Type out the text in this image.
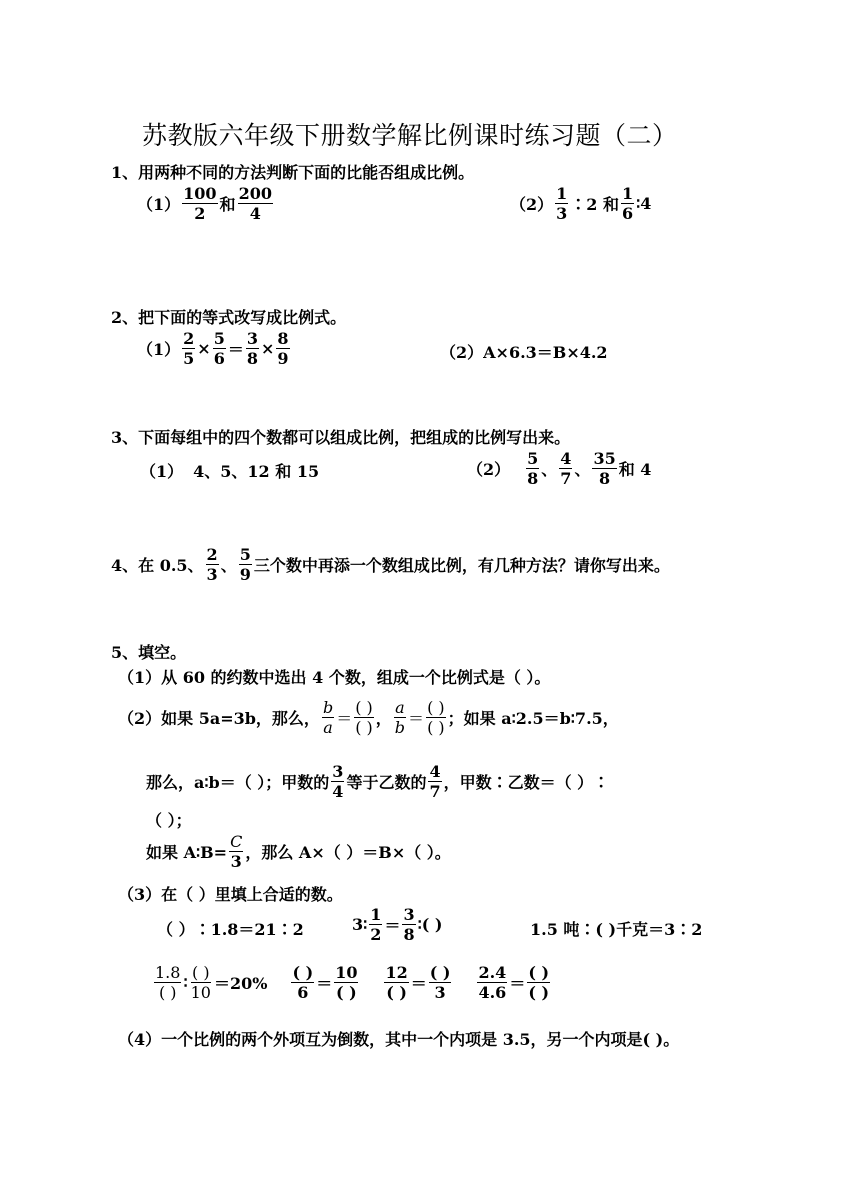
苏教版六年级下册数学解比例课时练习题（二）
1、用两种不同的方法判断下面的比能否组成比例。
$(1) \frac{100}{2}$ 和 $\frac{200}{4}$	$(2) \frac{1}{3}$ ∶2 和 $\frac{1}{6}$ ∶4
2、把下面的等式改写成比例式。
$(1) \frac{2}{5} \times \frac{5}{6} = \frac{3}{8} \times \frac{8}{9}$	（2） A×6.3＝B×4.2
3、下面每组中的四个数都可以组成比例，把组成的比例写出来。
（1） 4、5、12 和 15	$(2) \frac{5}{8}$ 、 $\frac{4}{7}$ 、 $\frac{35}{8}$ 和 4
4、在 0.5、 $\frac{2}{3}$ 、 $\frac{5}{9}$ 三个数中再添一个数组成比例，有几种方法？请你写出来。
5、填空。
（1）从 60 的约数中选出 4 个数，组成一个比例式是（ ）。
（2）如果 5a=3b，那么， $\frac{b}{a} = \frac{( )}{( )}$ ， $\frac{a}{b} = \frac{( )}{( )}$ ；如果 a∶2.5＝b∶7.5，
那么，a∶b＝（ ）；甲数的 $\frac{3}{4}$ 等于乙数的 $\frac{4}{7}$ ，甲数∶乙数＝（ ）∶
（ ）；
如果 A∶B= $\frac{C}{3}$ ，那么 A×（ ）＝B×（ ）。
（3）在（ ）里填上合适的数。
（ ）∶1.8＝21∶2	3∶ $\frac{1}{2} = \frac{3}{8}$ ∶( )	1.5 吨∶( )千克＝3∶2
$\frac{1.8}{( )}$ ∶ $\frac{( )}{10} =20\% \frac{( )}{6} = \frac{10}{( )} \frac{12}{( )} = \frac{( )}{3} \frac{2.4}{4.6} = \frac{( )}{( )}$
（4）一个比例的两个外项互为倒数，其中一个内项是 3.5，另一个内项是( )。
